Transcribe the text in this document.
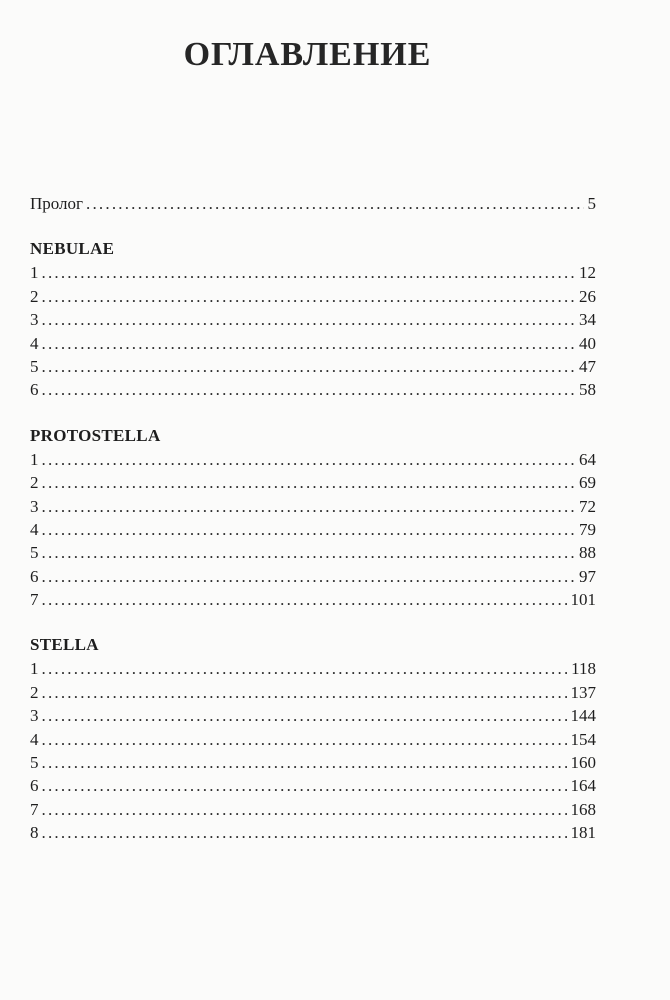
ОГЛАВЛЕНИЕ
Пролог .....	5
NEBULAE
1 .....	12
2 .....	26
3 .....	34
4 .....	40
5 .....	47
6 .....	58
PROTOSTELLA
1 .....	64
2 .....	69
3 .....	72
4 .....	79
5 .....	88
6 .....	97
7 .....	101
STELLA
1 .....	118
2 .....	137
3 .....	144
4 .....	154
5 .....	160
6 .....	164
7 .....	168
8 .....	181
